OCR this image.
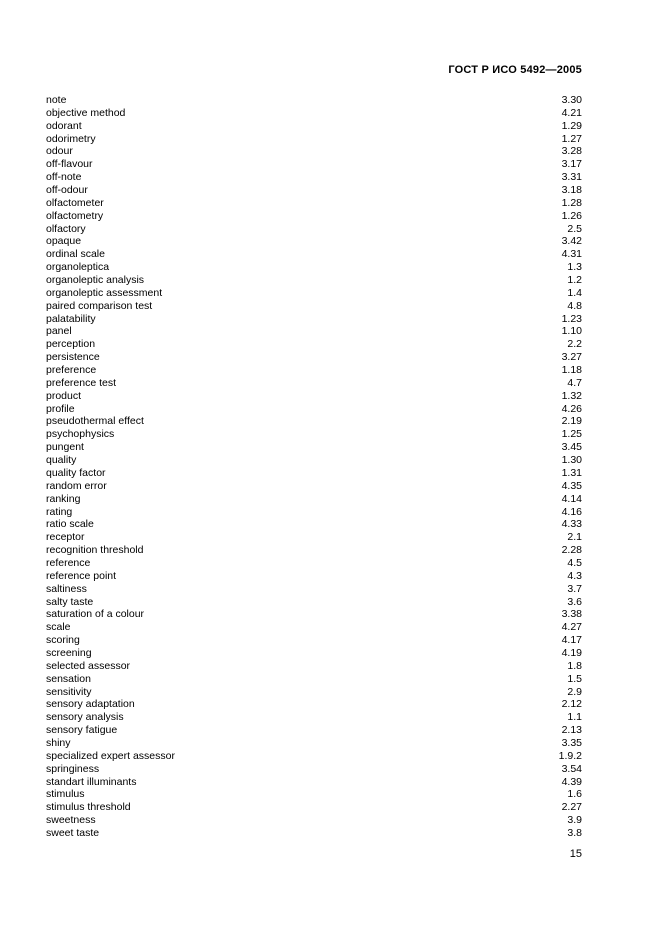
ГОСТ Р ИСО 5492—2005
note	3.30
objective method	4.21
odorant	1.29
odorimetry	1.27
odour	3.28
off-flavour	3.17
off-note	3.31
off-odour	3.18
olfactometer	1.28
olfactometry	1.26
olfactory	2.5
opaque	3.42
ordinal scale	4.31
organoleptica	1.3
organoleptic analysis	1.2
organoleptic assessment	1.4
paired comparison test	4.8
palatability	1.23
panel	1.10
perception	2.2
persistence	3.27
preference	1.18
preference test	4.7
product	1.32
profile	4.26
pseudothermal effect	2.19
psychophysics	1.25
pungent	3.45
quality	1.30
quality factor	1.31
random error	4.35
ranking	4.14
rating	4.16
ratio scale	4.33
receptor	2.1
recognition threshold	2.28
reference	4.5
reference point	4.3
saltiness	3.7
salty taste	3.6
saturation of a colour	3.38
scale	4.27
scoring	4.17
screening	4.19
selected assessor	1.8
sensation	1.5
sensitivity	2.9
sensory adaptation	2.12
sensory analysis	1.1
sensory fatigue	2.13
shiny	3.35
specialized expert assessor	1.9.2
springiness	3.54
standart illuminants	4.39
stimulus	1.6
stimulus threshold	2.27
sweetness	3.9
sweet taste	3.8
15
